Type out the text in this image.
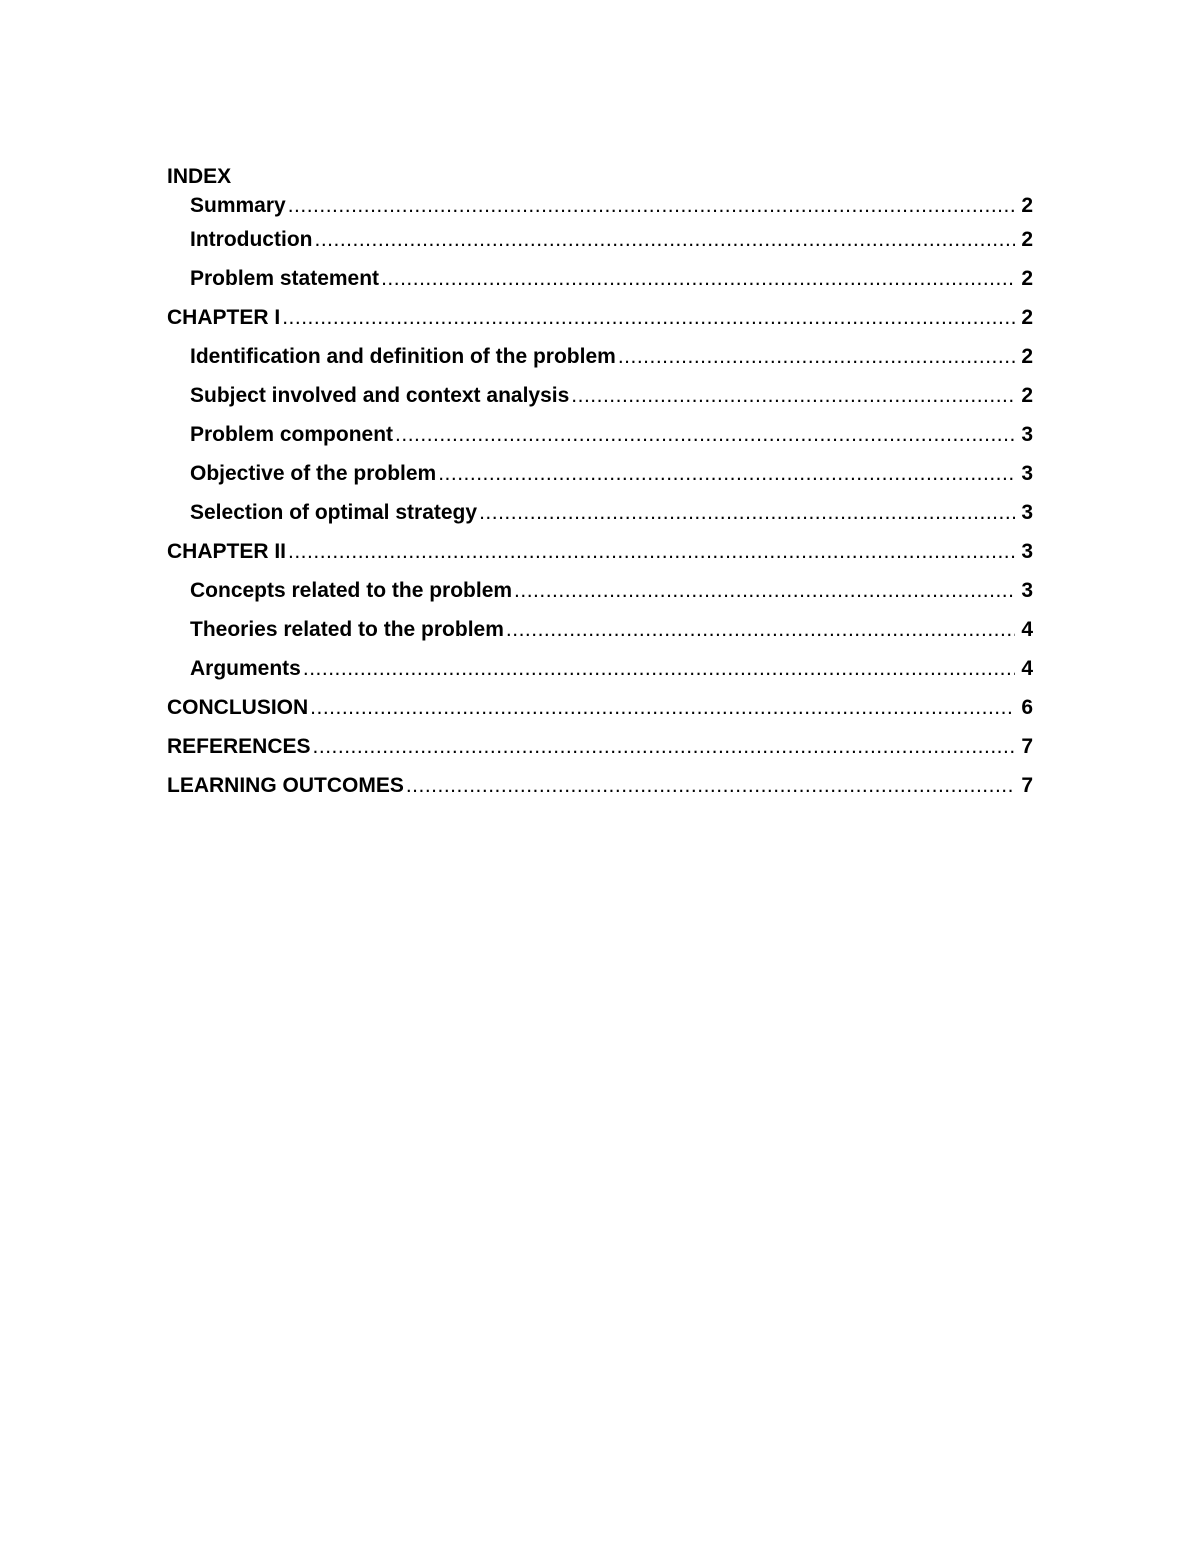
INDEX
Summary .....	2
Introduction .....	2
Problem statement .....	2
CHAPTER I .....	2
Identification and definition of the problem .....	2
Subject involved and context analysis .....	2
Problem component .....	3
Objective of the problem .....	3
Selection of optimal strategy .....	3
CHAPTER II .....	3
Concepts related to the problem .....	3
Theories related to the problem .....	4
Arguments .....	4
CONCLUSION .....	6
REFERENCES .....	7
LEARNING OUTCOMES .....	7
